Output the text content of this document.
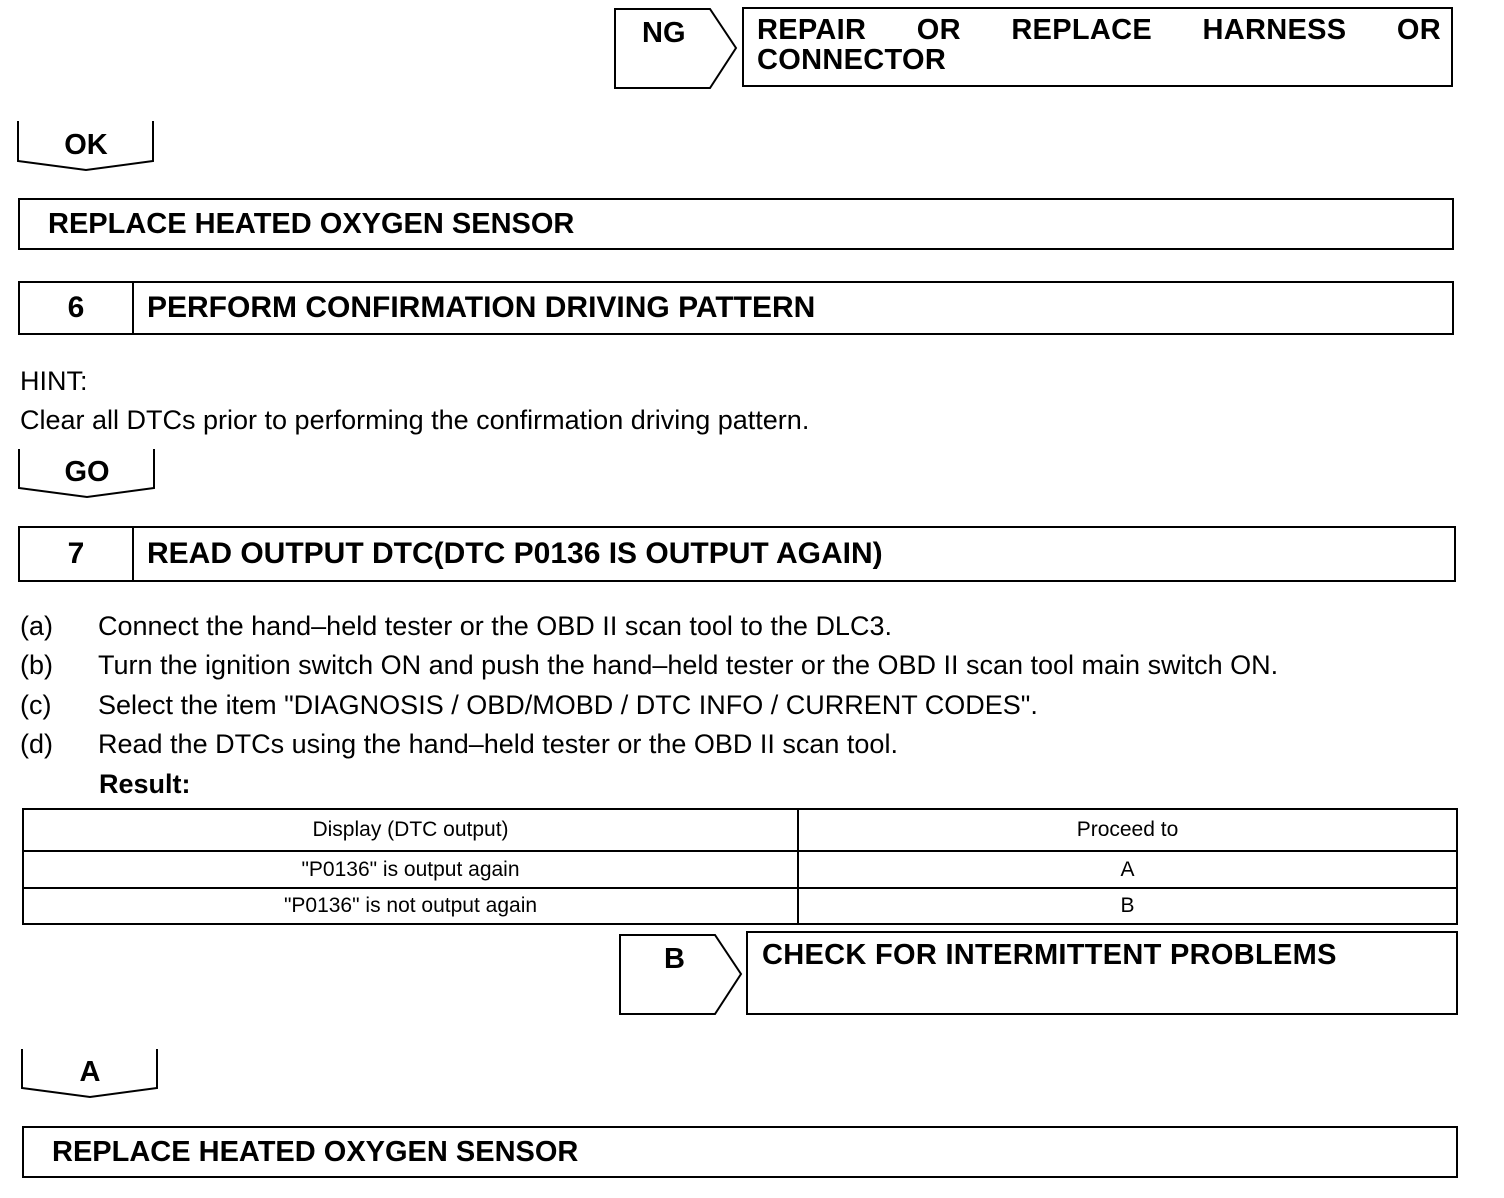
NG REPAIR OR REPLACE HARNESS OR
CONNECTOR
OK
REPLACE HEATED OXYGEN SENSOR
6	PERFORM CONFIRMATION DRIVING PATTERN
HINT:
Clear all DTCs prior to performing the confirmation driving pattern.
GO
7	READ OUTPUT DTC(DTC P0136 IS OUTPUT AGAIN)
(a) Connect the hand–held tester or the OBD II scan tool to the DLC3.
(b) Turn the ignition switch ON and push the hand–held tester or the OBD II scan tool main switch ON.
(c) Select the item "DIAGNOSIS / OBD/MOBD / DTC INFO / CURRENT CODES".
(d) Read the DTCs using the hand–held tester or the OBD II scan tool.
Result:
Display (DTC output)	Proceed to
"P0136" is output again	A
"P0136" is not output again	B
B	CHECK FOR INTERMITTENT PROBLEMS
A
REPLACE HEATED OXYGEN SENSOR
